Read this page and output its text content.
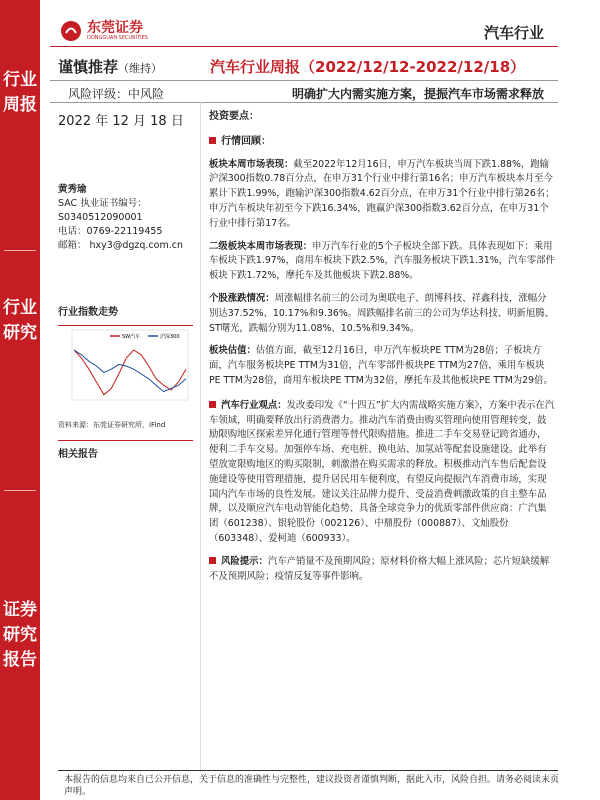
行业周报
行业研究
证券研究报告
东莞证券
DONGGUAN SECURITIES	汽车行业
谨慎推荐（维持）	汽车行业周报（2022/12/12-2022/12/18）
风险评级：中风险	明确扩大内需实施方案，提振汽车市场需求释放
2022 年 12 月 18 日
黄秀瑜
SAC 执业证书编号：
S0340512090001
电话：0769-22119455
邮箱： hxy3@dgzq.com.cn
行业指数走势
SW汽车	沪深300
资料来源：东莞证券研究所，iFind
相关报告
投资要点：
行情回顾：
板块本周市场表现：截至2022年12月16日，申万汽车板块当周下跌1.88%，跑输沪深300指数0.78百分点，在申万31个行业中排行第16名；申万汽车板块本月至今累计下跌1.99%，跑输沪深300指数4.62百分点，在申万31个行业中排行第26名；申万汽车板块年初至今下跌16.34%，跑赢沪深300指数3.62百分点，在申万31个行业中排行第17名。
二级板块本周市场表现：申万汽车行业的5个子板块全部下跌。具体表现如下：乘用车板块下跌1.97%，商用车板块下跌2.5%，汽车服务板块下跌1.31%，汽车零部件板块下跌1.72%，摩托车及其他板块下跌2.88%。
个股涨跌情况：周涨幅排名前三的公司为奥联电子、朗博科技、祥鑫科技，涨幅分别达37.52%、10.17%和9.36%。周跌幅排名前三的公司为华达科技、明新旭腾、ST曙光，跌幅分别为11.08%、10.5%和9.34%。
板块估值：估值方面，截至12月16日，申万汽车板块PE TTM为28倍；子板块方面，汽车服务板块PE TTM为31倍，汽车零部件板块PE TTM为27倍，乘用车板块PE TTM为28倍，商用车板块PE TTM为32倍，摩托车及其他板块PE TTM为29倍。
汽车行业观点：发改委印发《“十四五”扩大内需战略实施方案》，方案中表示在汽车领域，明确要释放出行消费潜力。推动汽车消费由购买管理向使用管理转变，鼓励限购地区探索差异化通行管理等替代限购措施。推进二手车交易登记跨省通办，便利二手车交易。加强停车场、充电桩、换电站、加氢站等配套设施建设。此举有望放宽限购地区的购买限制，刺激潜在购买需求的释放。积极推动汽车售后配套设施建设等使用管理措施，提升居民用车便利度，有望反向提振汽车消费市场，实现国内汽车市场的良性发展。建议关注品牌力提升、受益消费刺激政策的自主整车品牌，以及顺应汽车电动智能化趋势、具备全球竞争力的优质零部件供应商：广汽集团（601238）、银轮股份（002126）、中鼎股份（000887）、文灿股份（603348）、爱柯迪（600933）。
风险提示：汽车产销量不及预期风险；原材料价格大幅上涨风险；芯片短缺缓解不及预期风险；疫情反复等事件影响。
本报告的信息均来自已公开信息，关于信息的准确性与完整性，建议投资者谨慎判断，据此入市，风险自担。请务必阅读末页声明。
